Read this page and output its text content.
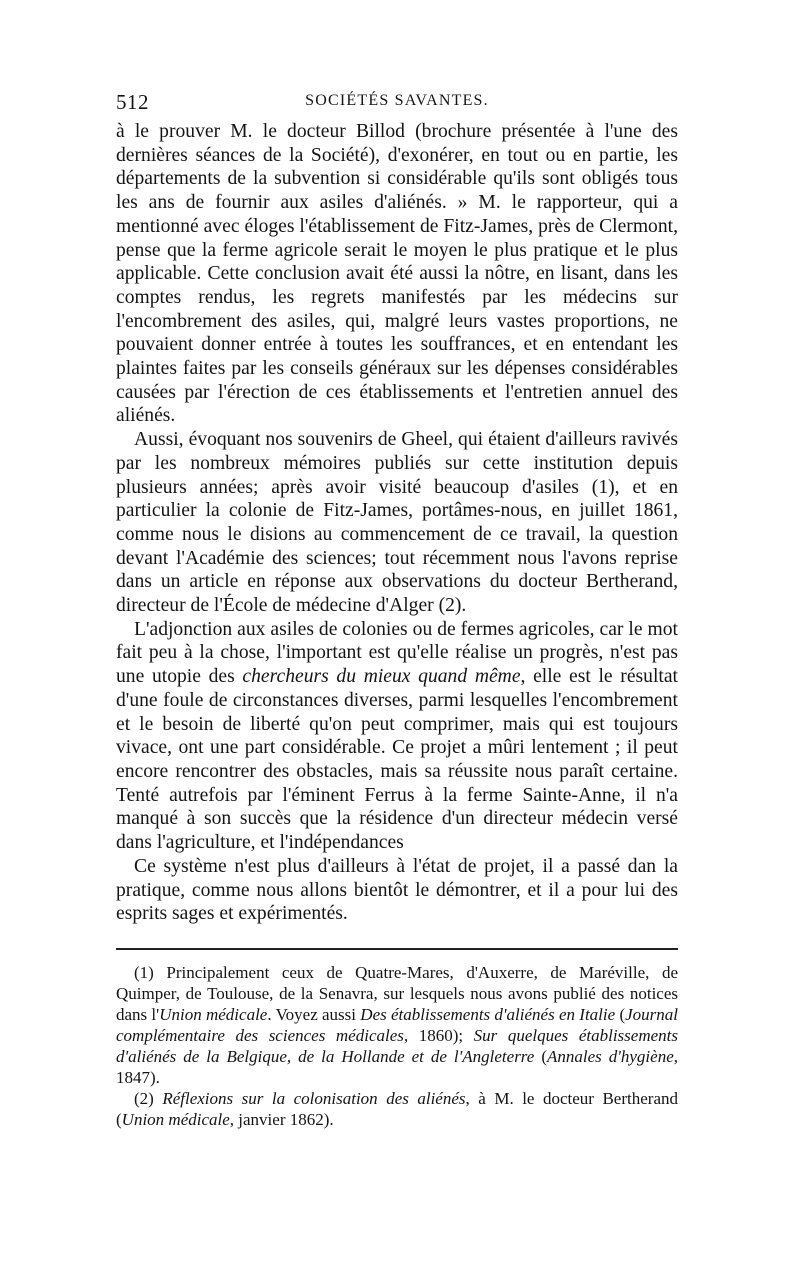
512	SOCIÉTÉS SAVANTES.

à le prouver M. le docteur Billod (brochure présentée à l'une des dernières séances de la Société), d'exonérer, en tout ou en partie, les départements de la subvention si considérable qu'ils sont obligés tous les ans de fournir aux asiles d'aliénés. » M. le rapporteur, qui a mentionné avec éloges l'établissement de Fitz-James, près de Clermont, pense que la ferme agricole serait le moyen le plus pratique et le plus applicable. Cette conclusion avait été aussi la nôtre, en lisant, dans les comptes rendus, les regrets manifestés par les médecins sur l'encombrement des asiles, qui, malgré leurs vastes proportions, ne pouvaient donner entrée à toutes les souffrances, et en entendant les plaintes faites par les conseils généraux sur les dépenses considérables causées par l'érection de ces établissements et l'entretien annuel des aliénés.

Aussi, évoquant nos souvenirs de Gheel, qui étaient d'ailleurs ravivés par les nombreux mémoires publiés sur cette institution depuis plusieurs années; après avoir visité beaucoup d'asiles (1), et en particulier la colonie de Fitz-James, portâmes-nous, en juillet 1861, comme nous le disions au commencement de ce travail, la question devant l'Académie des sciences; tout récemment nous l'avons reprise dans un article en réponse aux observations du docteur Bertherand, directeur de l'École de médecine d'Alger (2).

L'adjonction aux asiles de colonies ou de fermes agricoles, car le mot fait peu à la chose, l'important est qu'elle réalise un progrès, n'est pas une utopie des chercheurs du mieux quand même, elle est le résultat d'une foule de circonstances diverses, parmi lesquelles l'encombrement et le besoin de liberté qu'on peut comprimer, mais qui est toujours vivace, ont une part considérable. Ce projet a mûri lentement ; il peut encore rencontrer des obstacles, mais sa réussite nous paraît certaine. Tenté autrefois par l'éminent Ferrus à la ferme Sainte-Anne, il n'a manqué à son succès que la résidence d'un directeur médecin versé dans l'agriculture, et l'indépendances

Ce système n'est plus d'ailleurs à l'état de projet, il a passé dan la pratique, comme nous allons bientôt le démontrer, et il a pour lui des esprits sages et expérimentés.

(1) Principalement ceux de Quatre-Mares, d'Auxerre, de Maréville, de Quimper, de Toulouse, de la Senavra, sur lesquels nous avons publié des notices dans l'Union médicale. Voyez aussi Des établissements d'aliénés en Italie (Journal complémentaire des sciences médicales, 1860); Sur quelques établissements d'aliénés de la Belgique, de la Hollande et de l'Angleterre (Annales d'hygiène, 1847).

(2) Réflexions sur la colonisation des aliénés, à M. le docteur Bertherand (Union médicale, janvier 1862).
